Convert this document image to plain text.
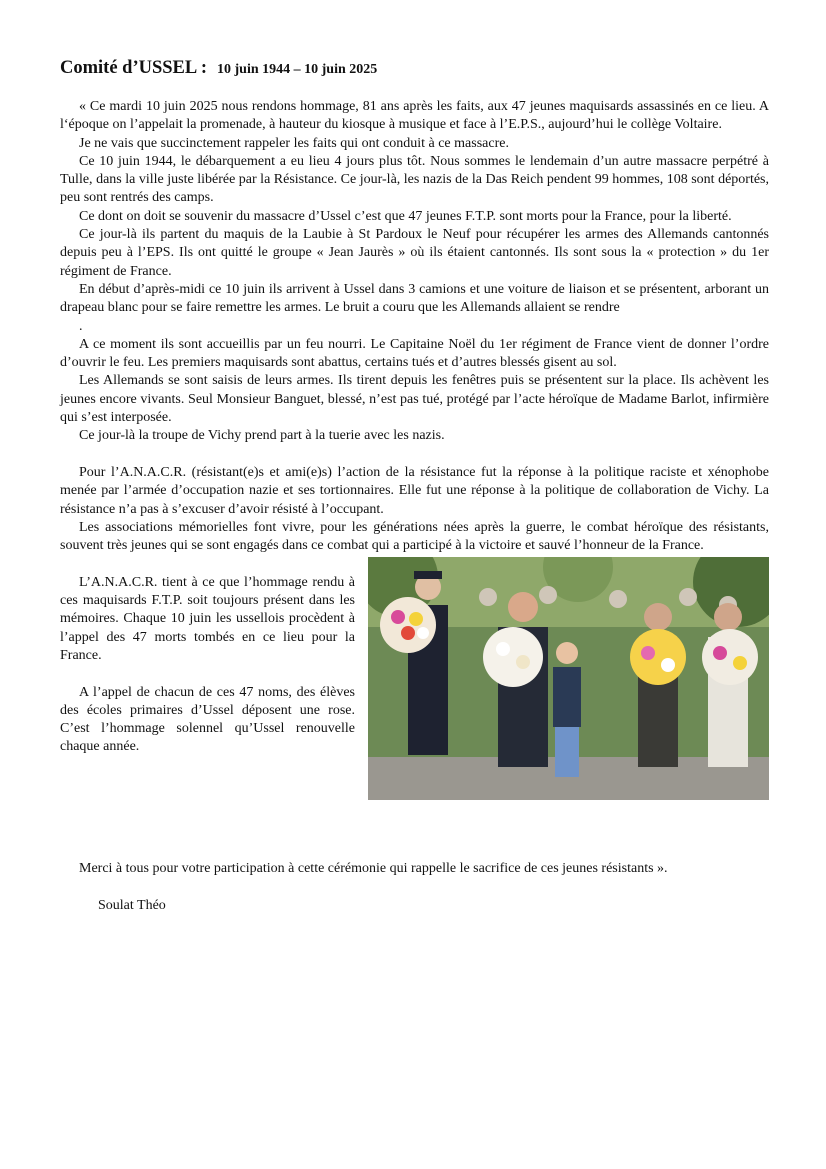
Comité d’USSEL : 10 juin 1944 – 10 juin 2025

« Ce mardi 10 juin 2025 nous rendons hommage, 81 ans après les faits, aux 47 jeunes maquisards assassinés en ce lieu. A l‘époque on l’appelait la promenade, à hauteur du kiosque à musique et face à l’E.P.S., aujourd’hui le collège Voltaire.

Je ne vais que succinctement rappeler les faits qui ont conduit à ce massacre.

Ce 10 juin 1944, le débarquement a eu lieu 4 jours plus tôt. Nous sommes le lendemain d’un autre massacre perpétré à Tulle, dans la ville juste libérée par la Résistance. Ce jour-là, les nazis de la Das Reich pendent 99 hommes, 108 sont déportés, peu sont rentrés des camps.

Ce dont on doit se souvenir du massacre d’Ussel c’est que 47 jeunes F.T.P. sont morts pour la France, pour la liberté.

Ce jour-là ils partent du maquis de la Laubie à St Pardoux le Neuf pour récupérer les armes des Allemands cantonnés depuis peu à l’EPS. Ils ont quitté le groupe « Jean Jaurès » où ils étaient cantonnés. Ils sont sous la « protection » du 1er régiment de France.

En début d’après-midi ce 10 juin ils arrivent à Ussel dans 3 camions et une voiture de liaison et se présentent, arborant un drapeau blanc pour se faire remettre les armes. Le bruit a couru que les Allemands allaient se rendre

.

A ce moment ils sont accueillis par un feu nourri. Le Capitaine Noël du 1er régiment de France vient de donner l’ordre d’ouvrir le feu. Les premiers maquisards sont abattus, certains tués et d’autres blessés gisent au sol.

Les Allemands se sont saisis de leurs armes. Ils tirent depuis les fenêtres puis se présentent sur la place. Ils achèvent les jeunes encore vivants. Seul Monsieur Banguet, blessé, n’est pas tué, protégé par l’acte héroïque de Madame Barlot, infirmière qui s’est interposée.

Ce jour-là la troupe de Vichy prend part à la tuerie avec les nazis.

Pour l’A.N.A.C.R. (résistant(e)s et ami(e)s) l’action de la résistance fut la réponse à la politique raciste et xénophobe menée par l’armée d’occupation nazie et ses tortionnaires. Elle fut une réponse à la politique de collaboration de Vichy. La résistance n’a pas à s’excuser d’avoir résisté à l’occupant.

Les associations mémorielles font vivre, pour les générations nées après la guerre, le combat héroïque des résistants, souvent très jeunes qui se sont engagés dans ce combat qui a participé à la victoire et sauvé l’honneur de la France.

L’A.N.A.C.R. tient à ce que l’hommage rendu à ces maquisards F.T.P. soit toujours présent dans les mémoires. Chaque 10 juin les ussellois procèdent à l’appel des 47 morts tombés en ce lieu pour la France.

A l’appel de chacun de ces 47 noms, des élèves des écoles primaires d’Ussel déposent une rose. C’est l’hommage solennel qu’Ussel renouvelle chaque année.

Merci à tous pour votre participation à cette cérémonie qui rappelle le sacrifice de ces jeunes résistants ».

Soulat Théo
